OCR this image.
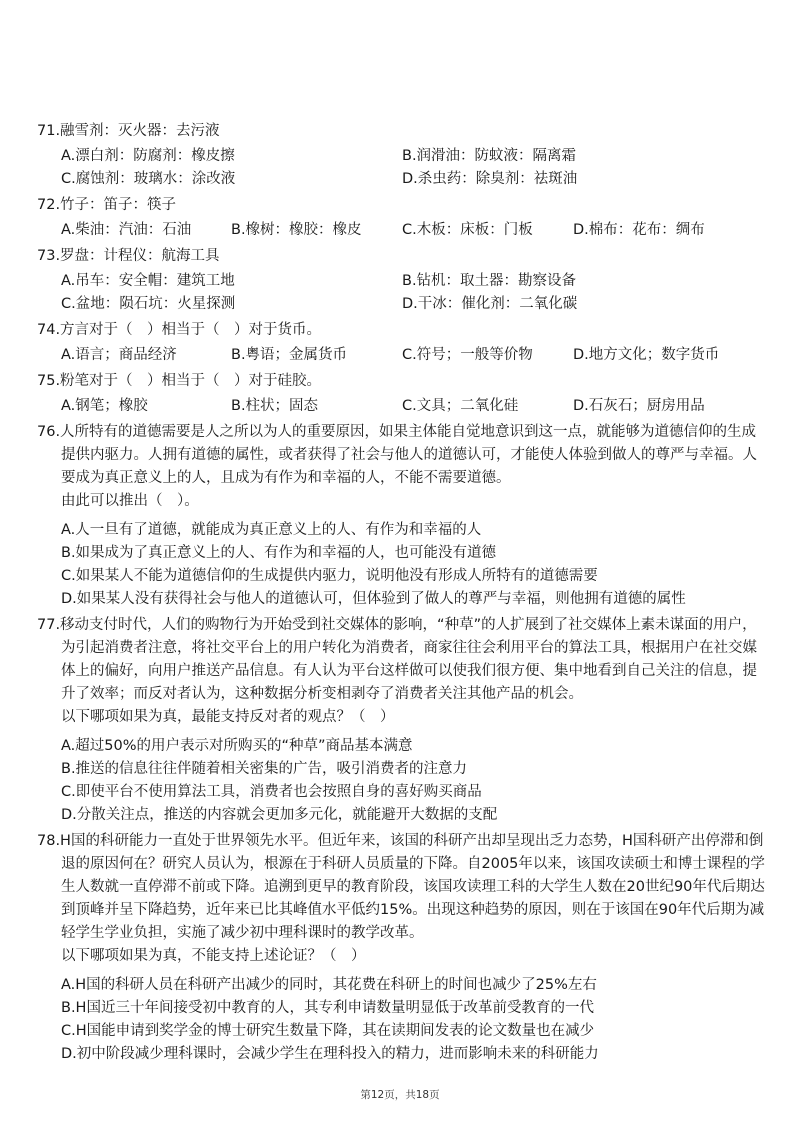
71.融雪剂：灭火器：去污液

A.漂白剂：防腐剂：橡皮擦	B.润滑油：防蚊液：隔离霜
C.腐蚀剂：玻璃水：涂改液	D.杀虫药：除臭剂：祛斑油

72.竹子：笛子：筷子

A.柴油：汽油：石油	B.橡树：橡胶：橡皮	C.木板：床板：门板	D.棉布：花布：绸布

73.罗盘：计程仪：航海工具

A.吊车：安全帽：建筑工地	B.钻机：取土器：勘察设备
C.盆地：陨石坑：火星探测	D.干冰：催化剂：二氧化碳

74.方言对于（　）相当于（　）对于货币。

A.语言；商品经济	B.粤语；金属货币	C.符号；一般等价物	D.地方文化；数字货币

75.粉笔对于（　）相当于（　）对于硅胶。

A.钢笔；橡胶	B.柱状；固态	C.文具；二氧化硅	D.石灰石；厨房用品

76.人所特有的道德需要是人之所以为人的重要原因，如果主体能自觉地意识到这一点，就能够为道德信仰的生成提供内驱力。人拥有道德的属性，或者获得了社会与他人的道德认可，才能使人体验到做人的尊严与幸福。人要成为真正意义上的人，且成为有作为和幸福的人，不能不需要道德。

由此可以推出（　）。

A.人一旦有了道德，就能成为真正意义上的人、有作为和幸福的人
B.如果成为了真正意义上的人、有作为和幸福的人，也可能没有道德
C.如果某人不能为道德信仰的生成提供内驱力，说明他没有形成人所特有的道德需要
D.如果某人没有获得社会与他人的道德认可，但体验到了做人的尊严与幸福，则他拥有道德的属性

77.移动支付时代，人们的购物行为开始受到社交媒体的影响，“种草”的人扩展到了社交媒体上素未谋面的用户，为引起消费者注意，将社交平台上的用户转化为消费者，商家往往会利用平台的算法工具，根据用户在社交媒体上的偏好，向用户推送产品信息。有人认为平台这样做可以使我们很方便、集中地看到自己关注的信息，提升了效率；而反对者认为，这种数据分析变相剥夺了消费者关注其他产品的机会。

以下哪项如果为真，最能支持反对者的观点？（　）

A.超过50%的用户表示对所购买的“种草”商品基本满意
B.推送的信息往往伴随着相关密集的广告，吸引消费者的注意力
C.即使平台不使用算法工具，消费者也会按照自身的喜好购买商品
D.分散关注点，推送的内容就会更加多元化，就能避开大数据的支配

78.H国的科研能力一直处于世界领先水平。但近年来，该国的科研产出却呈现出乏力态势，H国科研产出停滞和倒退的原因何在？研究人员认为，根源在于科研人员质量的下降。自2005年以来，该国攻读硕士和博士课程的学生人数就一直停滞不前或下降。追溯到更早的教育阶段，该国攻读理工科的大学生人数在20世纪90年代后期达到顶峰并呈下降趋势，近年来已比其峰值水平低约15%。出现这种趋势的原因，则在于该国在90年代后期为减轻学生学业负担，实施了减少初中理科课时的教学改革。

以下哪项如果为真，不能支持上述论证？（　）

A.H国的科研人员在科研产出减少的同时，其花费在科研上的时间也减少了25%左右
B.H国近三十年间接受初中教育的人，其专利申请数量明显低于改革前受教育的一代
C.H国能申请到奖学金的博士研究生数量下降，其在读期间发表的论文数量也在减少
D.初中阶段减少理科课时，会减少学生在理科投入的精力，进而影响未来的科研能力
第12页，共18页
